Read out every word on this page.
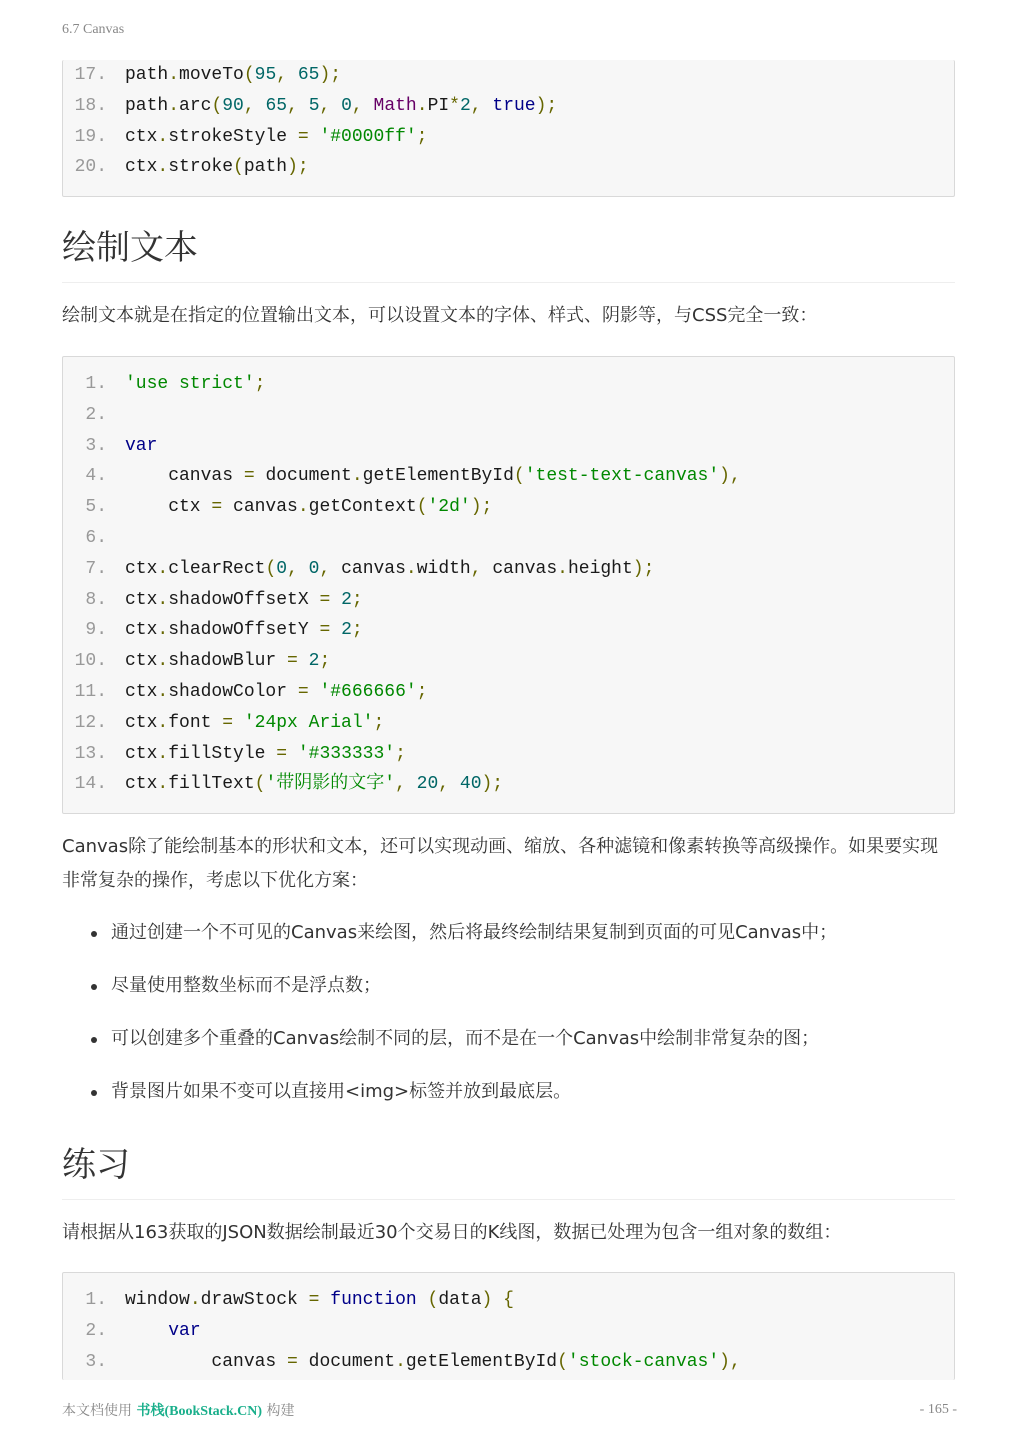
6.7 Canvas
17. path.moveTo(95, 65);
18. path.arc(90, 65, 5, 0, Math.PI*2, true);
19. ctx.strokeStyle = '#0000ff';
20. ctx.stroke(path);
绘制文本

绘制文本就是在指定的位置输出文本，可以设置文本的字体、样式、阴影等，与CSS完全一致：

1. 'use strict';
2.
3. var
4. canvas = document.getElementById('test-text-canvas'),
5. ctx = canvas.getContext('2d');
6.
7. ctx.clearRect(0, 0, canvas.width, canvas.height);
8. ctx.shadowOffsetX = 2;
9. ctx.shadowOffsetY = 2;
10. ctx.shadowBlur = 2;
11. ctx.shadowColor = '#666666';
12. ctx.font = '24px Arial';
13. ctx.fillStyle = '#333333';
14. ctx.fillText('带阴影的文字', 20, 40);

Canvas除了能绘制基本的形状和文本，还可以实现动画、缩放、各种滤镜和像素转换等高级操作。如果要实现非常复杂的操作，考虑以下优化方案：

通过创建一个不可见的Canvas来绘图，然后将最终绘制结果复制到页面的可见Canvas中；
尽量使用整数坐标而不是浮点数；
可以创建多个重叠的Canvas绘制不同的层，而不是在一个Canvas中绘制非常复杂的图；
背景图片如果不变可以直接用<img>标签并放到最底层。
练习

请根据从163获取的JSON数据绘制最近30个交易日的K线图，数据已处理为包含一组对象的数组：

1. window.drawStock = function (data) {
2.	var
3. canvas = document.getElementById('stock-canvas'),
本文档使用 书栈(BookStack.CN) 构建	- 165 -
